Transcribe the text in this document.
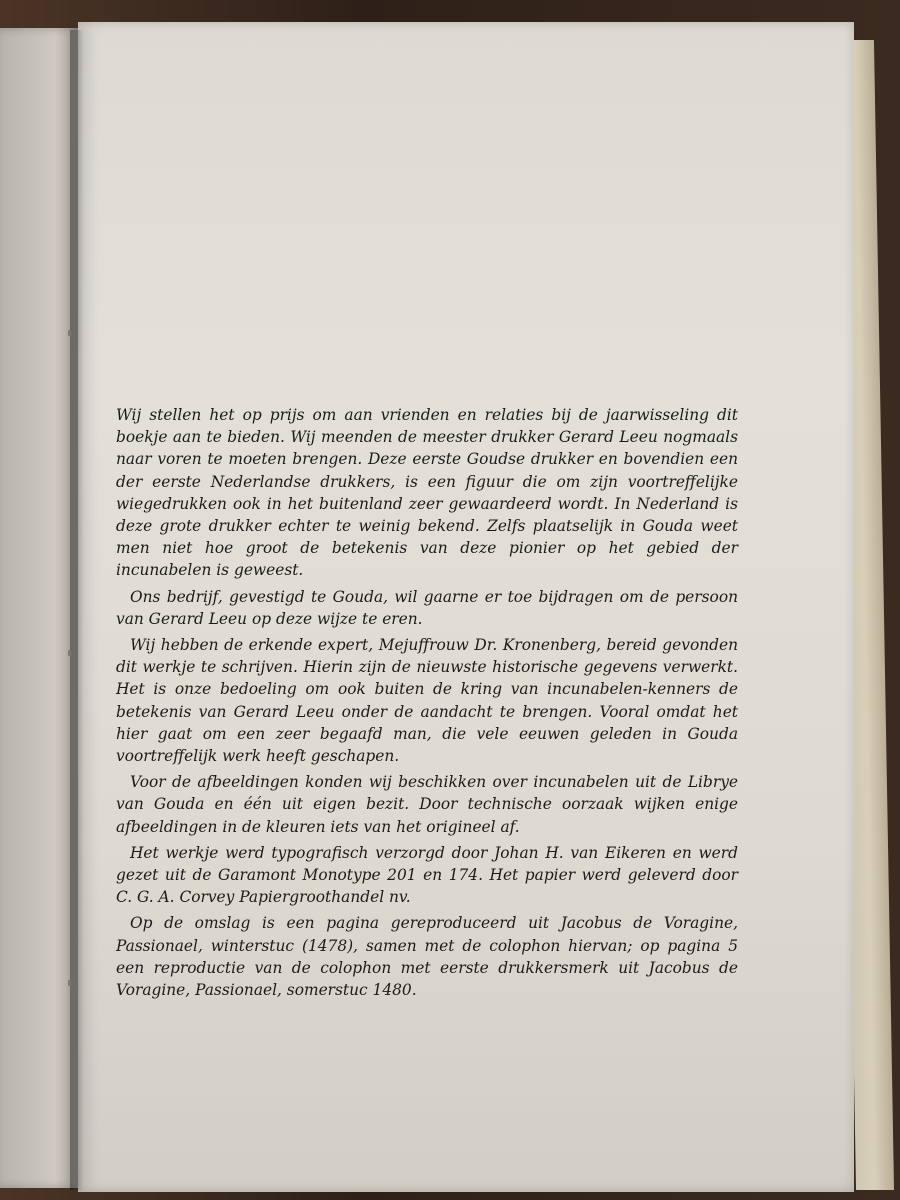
Wij stellen het op prijs om aan vrienden en relaties bij de jaarwisseling dit boekje aan te bieden. Wij meenden de meester drukker Gerard Leeu nogmaals naar voren te moeten brengen. Deze eerste Goudse drukker en bovendien een der eerste Nederlandse drukkers, is een figuur die om zijn voortreffelijke wiegedrukken ook in het buitenland zeer gewaardeerd wordt. In Nederland is deze grote drukker echter te weinig bekend. Zelfs plaatselijk in Gouda weet men niet hoe groot de betekenis van deze pionier op het gebied der incunabelen is geweest.

Ons bedrijf, gevestigd te Gouda, wil gaarne er toe bijdragen om de persoon van Gerard Leeu op deze wijze te eren.

Wij hebben de erkende expert, Mejuffrouw Dr. Kronenberg, bereid gevonden dit werkje te schrijven. Hierin zijn de nieuwste historische gegevens verwerkt. Het is onze bedoeling om ook buiten de kring van incunabelen-kenners de betekenis van Gerard Leeu onder de aandacht te brengen. Vooral omdat het hier gaat om een zeer begaafd man, die vele eeuwen geleden in Gouda voortreffelijk werk heeft geschapen.

Voor de afbeeldingen konden wij beschikken over incunabelen uit de Librye van Gouda en één uit eigen bezit. Door technische oorzaak wijken enige afbeeldingen in de kleuren iets van het origineel af.

Het werkje werd typografisch verzorgd door Johan H. van Eikeren en werd gezet uit de Garamont Monotype 201 en 174. Het papier werd geleverd door C. G. A. Corvey Papiergroothandel nv.

Op de omslag is een pagina gereproduceerd uit Jacobus de Voragine, Passionael, winterstuc (1478), samen met de colophon hiervan; op pagina 5 een reproductie van de colophon met eerste drukkersmerk uit Jacobus de Voragine, Passionael, somerstuc 1480.
